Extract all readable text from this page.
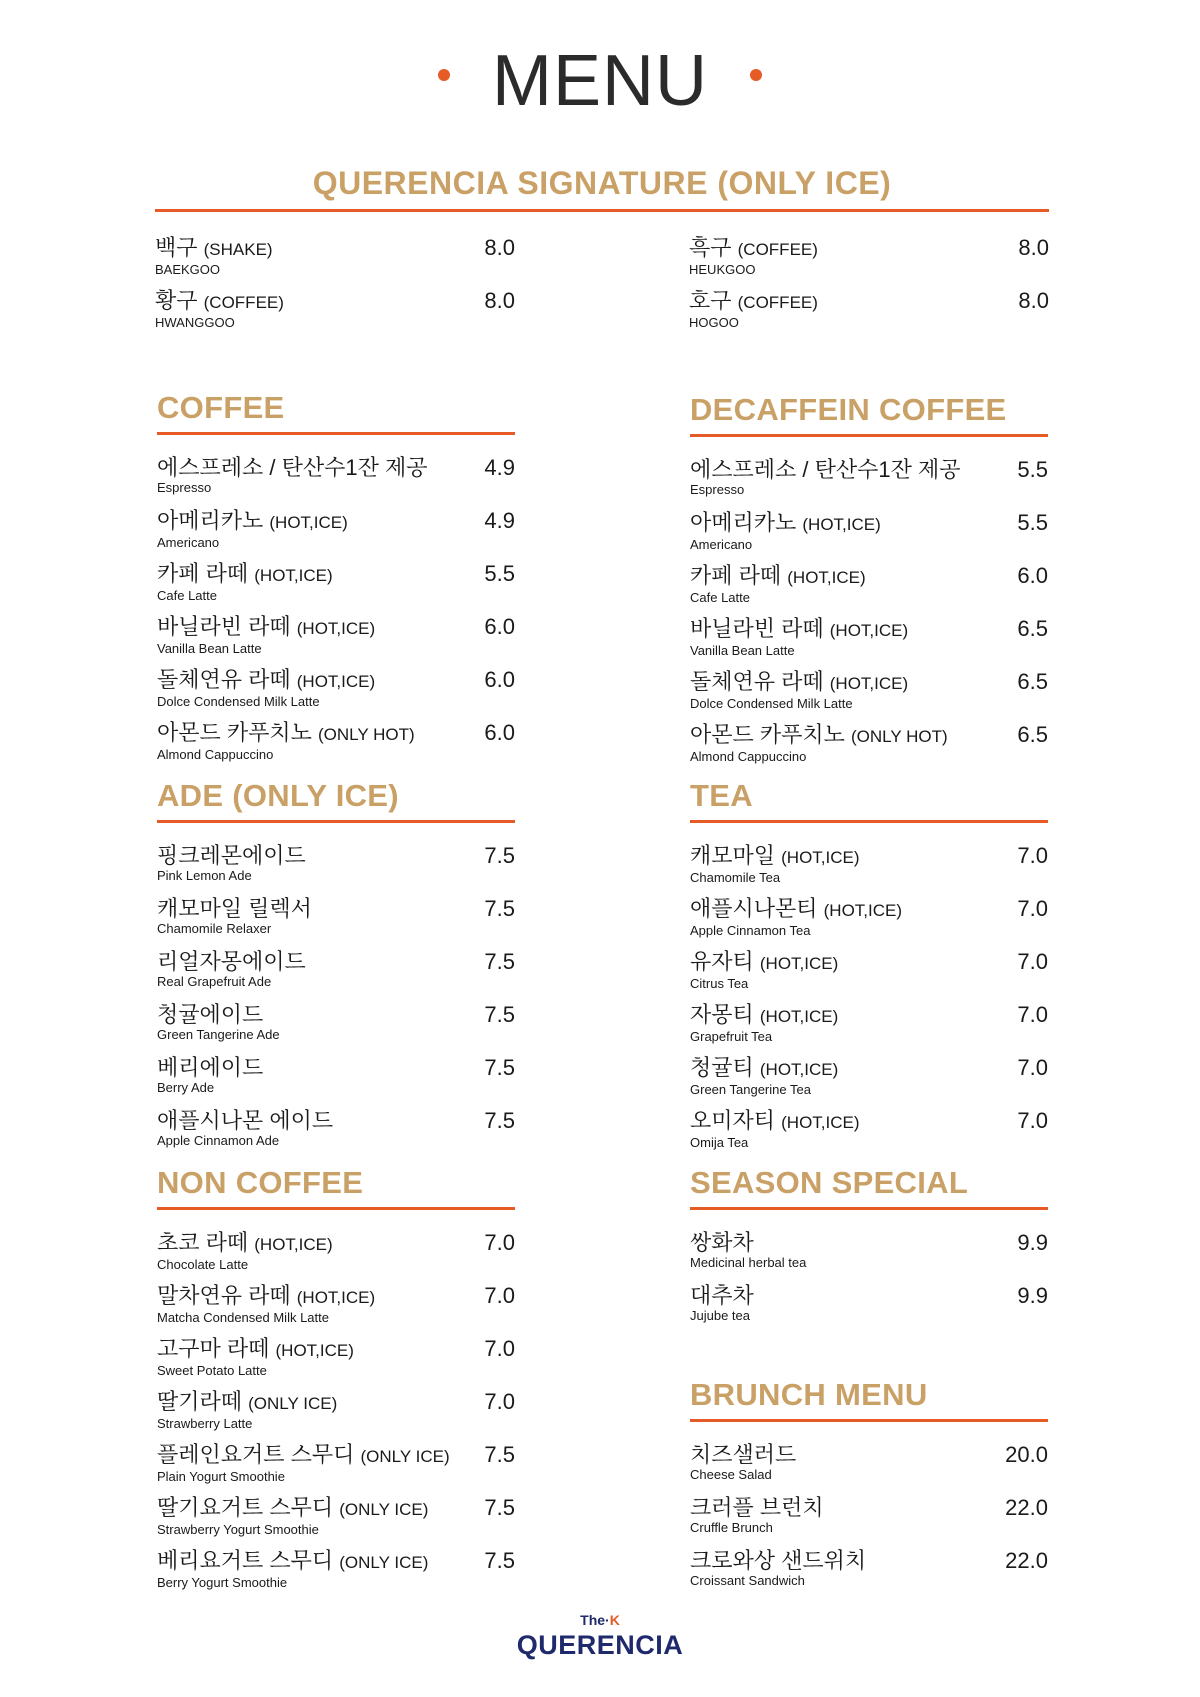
MENU
QUERENCIA SIGNATURE (ONLY ICE)
백구 (SHAKE)
BAEKGOO
8.0
황구 (COFFEE)
HWANGGOO
8.0
흑구 (COFFEE)
HEUKGOO
8.0
호구 (COFFEE)
HOGOO
8.0
COFFEE
에스프레소 / 탄산수1잔 제공
Espresso
4.9
아메리카노 (HOT,ICE)
Americano
4.9
카페 라떼 (HOT,ICE)
Cafe Latte
5.5
바닐라빈 라떼 (HOT,ICE)
Vanilla Bean Latte
6.0
돌체연유 라떼 (HOT,ICE)
Dolce Condensed Milk Latte
6.0
아몬드 카푸치노 (ONLY HOT)
Almond Cappuccino
6.0
DECAFFEIN COFFEE
에스프레소 / 탄산수1잔 제공
Espresso
5.5
아메리카노 (HOT,ICE)
Americano
5.5
카페 라떼 (HOT,ICE)
Cafe Latte
6.0
바닐라빈 라떼 (HOT,ICE)
Vanilla Bean Latte
6.5
돌체연유 라떼 (HOT,ICE)
Dolce Condensed Milk Latte
6.5
아몬드 카푸치노 (ONLY HOT)
Almond Cappuccino
6.5
ADE (ONLY ICE)
핑크레몬에이드
Pink Lemon Ade
7.5
캐모마일 릴렉서
Chamomile Relaxer
7.5
리얼자몽에이드
Real Grapefruit Ade
7.5
청귤에이드
Green Tangerine Ade
7.5
베리에이드
Berry Ade
7.5
애플시나몬 에이드
Apple Cinnamon Ade
7.5
TEA
캐모마일 (HOT,ICE)
Chamomile Tea
7.0
애플시나몬티 (HOT,ICE)
Apple Cinnamon Tea
7.0
유자티 (HOT,ICE)
Citrus Tea
7.0
자몽티 (HOT,ICE)
Grapefruit Tea
7.0
청귤티 (HOT,ICE)
Green Tangerine Tea
7.0
오미자티 (HOT,ICE)
Omija Tea
7.0
NON COFFEE
초코 라떼 (HOT,ICE)
Chocolate Latte
7.0
말차연유 라떼 (HOT,ICE)
Matcha Condensed Milk Latte
7.0
고구마 라떼 (HOT,ICE)
Sweet Potato Latte
7.0
딸기라떼 (ONLY ICE)
Strawberry Latte
7.0
플레인요거트 스무디 (ONLY ICE)
Plain Yogurt Smoothie
7.5
딸기요거트 스무디 (ONLY ICE)
Strawberry Yogurt Smoothie
7.5
베리요거트 스무디 (ONLY ICE)
Berry Yogurt Smoothie
7.5
SEASON SPECIAL
쌍화차
Medicinal herbal tea
9.9
대추차
Jujube tea
9.9
BRUNCH MENU
치즈샐러드
Cheese Salad
20.0
크러플 브런치
Cruffle Brunch
22.0
크로와상 샌드위치
Croissant Sandwich
22.0
The·K
QUERENCIA
